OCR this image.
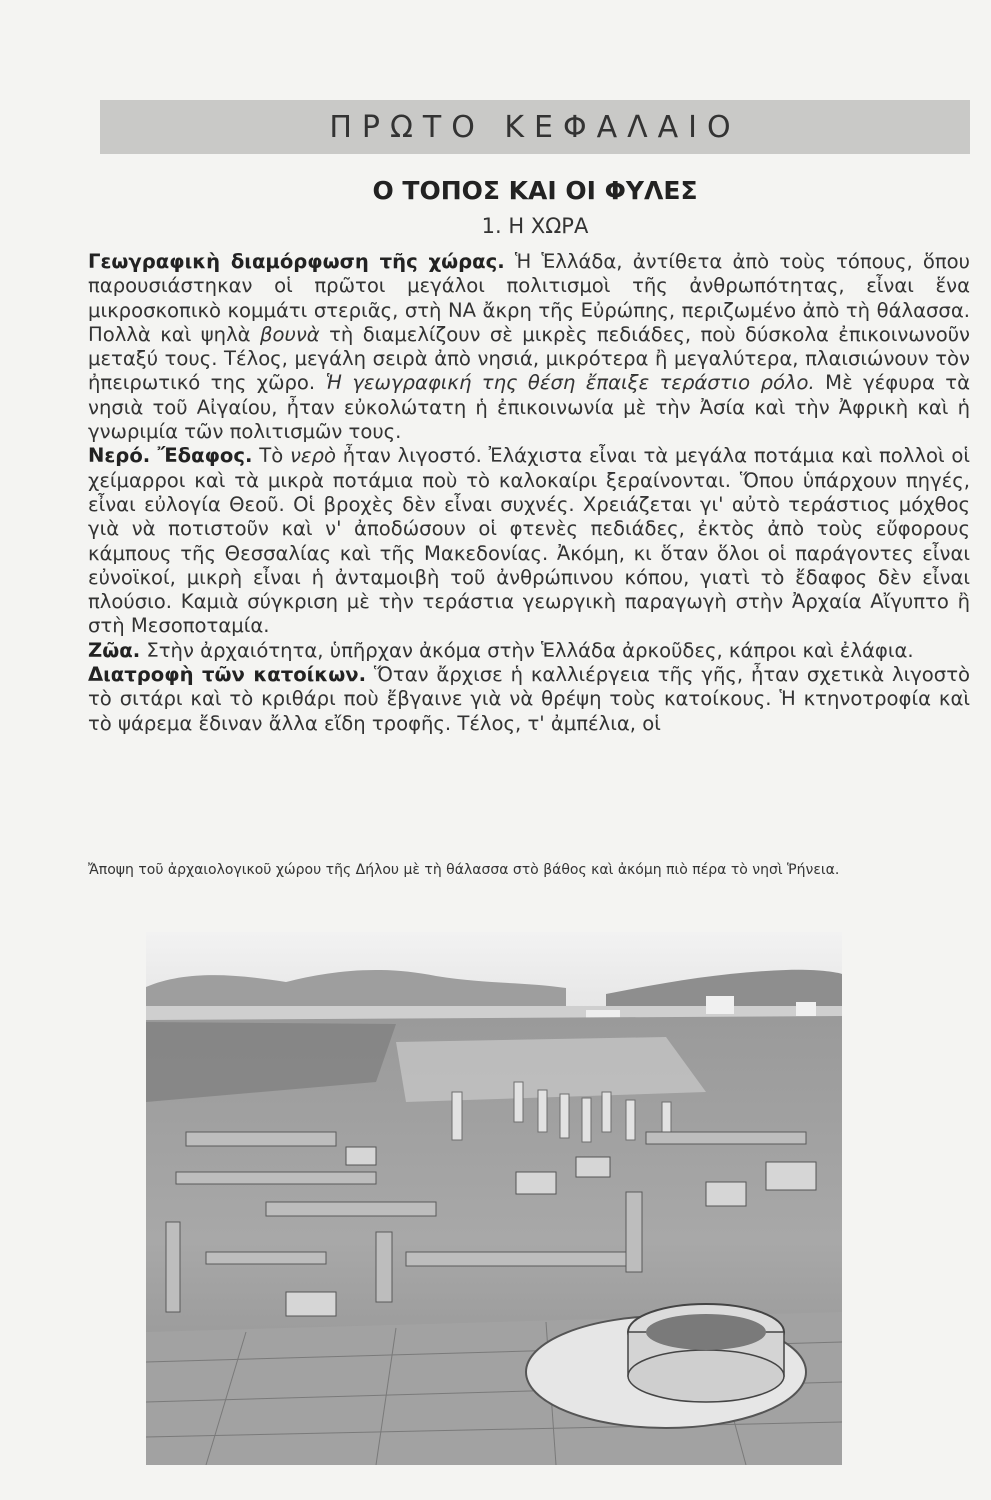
ΠΡΩΤΟ ΚΕΦΑΛΑΙΟ
Ο ΤΟΠΟΣ ΚΑΙ ΟΙ ΦΥΛΕΣ
1. Η ΧΩΡΑ

Γεωγραφικὴ διαμόρφωση τῆς χώρας. Ἡ Ἑλλάδα, ἀντίθετα ἀπὸ τοὺς τόπους, ὅπου παρουσιάστηκαν οἱ πρῶτοι μεγάλοι πολιτισμοὶ τῆς ἀνθρωπότητας, εἶναι ἕνα μικροσκοπικὸ κομμάτι στεριᾶς, στὴ ΝΑ ἄκρη τῆς Εὐρώπης, περιζωμένο ἀπὸ τὴ θάλασσα. Πολλὰ καὶ ψηλὰ βουνὰ τὴ διαμελίζουν σὲ μικρὲς πεδιάδες, ποὺ δύσκολα ἐπικοινωνοῦν μεταξύ τους. Τέλος, μεγάλη σειρὰ ἀπὸ νησιά, μικρότερα ἢ μεγαλύτερα, πλαισιώνουν τὸν ἠπειρωτικό της χῶρο. Ἡ γεωγραφική της θέση ἔπαιξε τεράστιο ρόλο. Μὲ γέφυρα τὰ νησιὰ τοῦ Αἰγαίου, ἦταν εὐκολώτατη ἡ ἐπικοινωνία μὲ τὴν Ἀσία καὶ τὴν Ἀφρικὴ καὶ ἡ γνωριμία τῶν πολιτισμῶν τους.

Νερό. Ἔδαφος. Τὸ νερὸ ἦταν λιγοστό. Ἐλάχιστα εἶναι τὰ μεγάλα ποτάμια καὶ πολλοὶ οἱ χείμαρροι καὶ τὰ μικρὰ ποτάμια ποὺ τὸ καλοκαίρι ξεραίνονται. Ὅπου ὑπάρχουν πηγές, εἶναι εὐλογία Θεοῦ. Οἱ βροχὲς δὲν εἶναι συχνές. Χρειάζεται γι' αὐτὸ τεράστιος μόχθος γιὰ νὰ ποτιστοῦν καὶ ν' ἀποδώσουν οἱ φτενὲς πεδιάδες, ἐκτὸς ἀπὸ τοὺς εὔφορους κάμπους τῆς Θεσσαλίας καὶ τῆς Μακεδονίας. Ἀκόμη, κι ὅταν ὅλοι οἱ παράγοντες εἶναι εὐνοϊκοί, μικρὴ εἶναι ἡ ἀνταμοιβὴ τοῦ ἀνθρώπινου κόπου, γιατὶ τὸ ἔδαφος δὲν εἶναι πλούσιο. Καμιὰ σύγκριση μὲ τὴν τεράστια γεωργικὴ παραγωγὴ στὴν Ἀρχαία Αἴγυπτο ἢ στὴ Μεσοποταμία.

Ζῶα. Στὴν ἀρχαιότητα, ὑπῆρχαν ἀκόμα στὴν Ἑλλάδα ἀρκοῦδες, κάπροι καὶ ἐλάφια.

Διατροφὴ τῶν κατοίκων. Ὅταν ἄρχισε ἡ καλλιέργεια τῆς γῆς, ἦταν σχετικὰ λιγοστὸ τὸ σιτάρι καὶ τὸ κριθάρι ποὺ ἔβγαινε γιὰ νὰ θρέψη τοὺς κατοίκους. Ἡ κτηνοτροφία καὶ τὸ ψάρεμα ἔδιναν ἄλλα εἴδη τροφῆς. Τέλος, τ' ἀμπέλια, οἱ

Ἄποψη τοῦ ἀρχαιολογικοῦ χώρου τῆς Δήλου μὲ τὴ θάλασσα στὸ βάθος καὶ ἀκόμη πιὸ πέρα τὸ νησὶ Ῥήνεια.
